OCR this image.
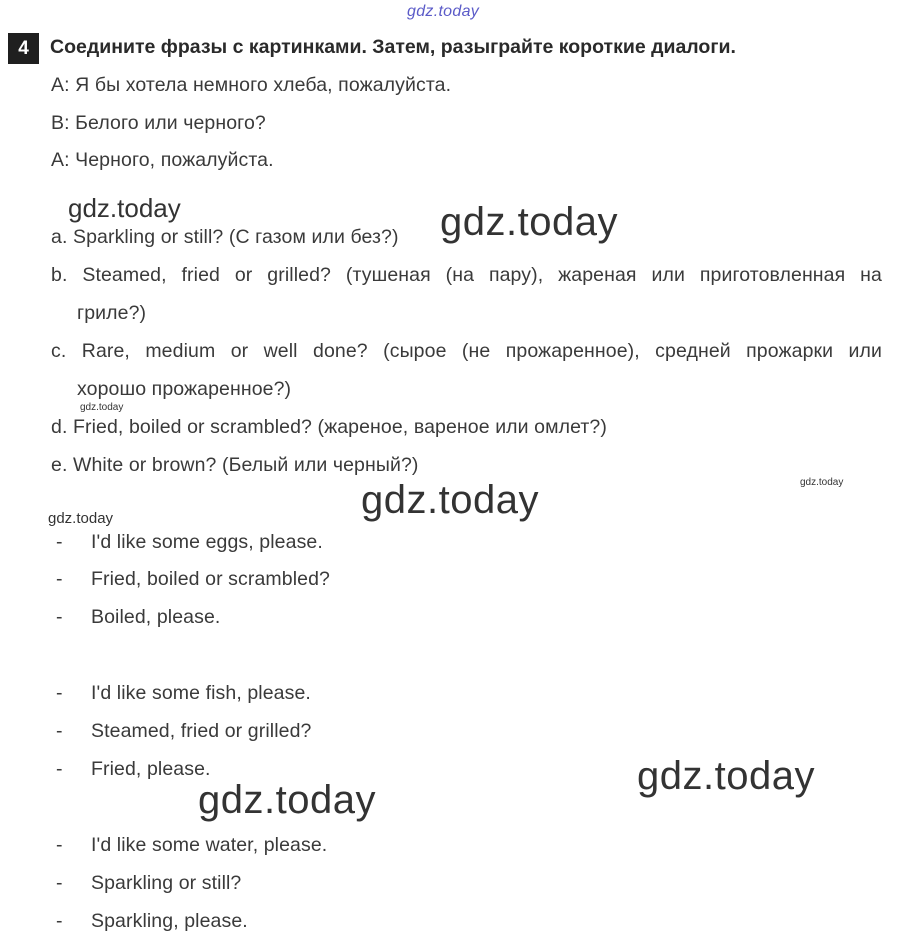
gdz.today
gdz.today	gdz.today
gdz.today
gdz.today	gdz.today
gdz.today
gdz.today
gdz.today
4	Соедините фразы с картинками. Затем, разыграйте короткие диалоги.
A: Я бы хотела немного хлеба, пожалуйста.
B: Белого или черного?
A: Черного, пожалуйста.
a. Sparkling or still? (С газом или без?)
b. Steamed, fried or grilled? (тушеная (на пару), жареная или приготовленная на
гриле?)
c. Rare, medium or well done? (сырое (не прожаренное), средней прожарки или
хорошо прожаренное?)
d. Fried, boiled or scrambled? (жареное, вареное или омлет?)
e. White or brown? (Белый или черный?)
- I'd like some eggs, please.
- Fried, boiled or scrambled?
- Boiled, please.
- I'd like some fish, please.
- Steamed, fried or grilled?
- Fried, please.
- I'd like some water, please.
- Sparkling or still?
- Sparkling, please.
